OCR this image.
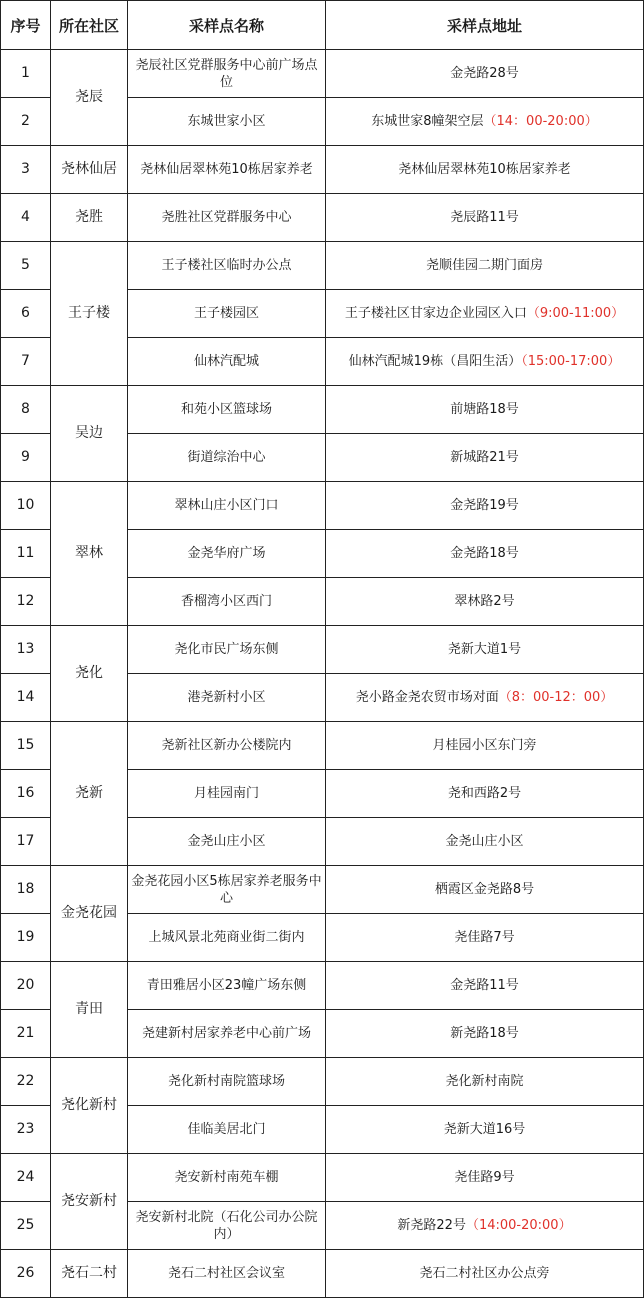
序号	所在社区	采样点名称	采样点地址
1	尧辰	尧辰社区党群服务中心前广场点位	金尧路28号
2		东城世家小区	东城世家8幢架空层（14：00-20:00）
3	尧林仙居	尧林仙居翠林苑10栋居家养老	尧林仙居翠林苑10栋居家养老
4	尧胜	尧胜社区党群服务中心	尧辰路11号
5	王子楼	王子楼社区临时办公点	尧顺佳园二期门面房
6		王子楼园区	王子楼社区甘家边企业园区入口（9:00-11:00）
7		仙林汽配城	仙林汽配城19栋（昌阳生活）（15:00-17:00）
8	吴边	和苑小区篮球场	前塘路18号
9		街道综治中心	新城路21号
10	翠林	翠林山庄小区门口	金尧路19号
11		金尧华府广场	金尧路18号
12		香榴湾小区西门	翠林路2号
13	尧化	尧化市民广场东侧	尧新大道1号
14		港尧新村小区	尧小路金尧农贸市场对面（8：00-12：00）
15	尧新	尧新社区新办公楼院内	月桂园小区东门旁
16		月桂园南门	尧和西路2号
17		金尧山庄小区	金尧山庄小区
18	金尧花园	金尧花园小区5栋居家养老服务中心	栖霞区金尧路8号
19		上城风景北苑商业街二街内	尧佳路7号
20	青田	青田雅居小区23幢广场东侧	金尧路11号
21		尧建新村居家养老中心前广场	新尧路18号
22	尧化新村	尧化新村南院篮球场	尧化新村南院
23		佳临美居北门	尧新大道16号
24	尧安新村	尧安新村南苑车棚	尧佳路9号
25		尧安新村北院（石化公司办公院内）	新尧路22号（14:00-20:00）
26	尧石二村	尧石二村社区会议室	尧石二村社区办公点旁
